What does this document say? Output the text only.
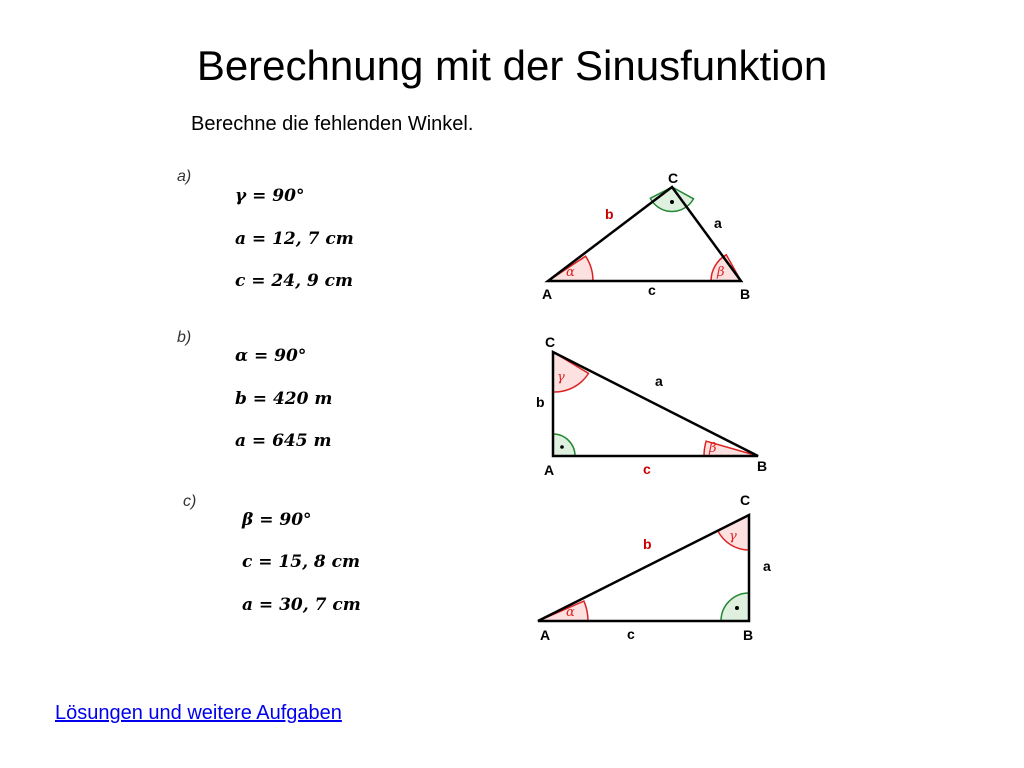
Berechnung mit der Sinusfunktion
Berechne die fehlenden Winkel.
a)
γ = 90°
a = 12, 7 cm
c = 24, 9 cm
b)
α = 90°
b = 420 m
a = 645 m
c)
β = 90°
c = 15, 8 cm
a = 30, 7 cm
A	B
C
a
b
c
α	β
C
A	B
a
b
c
γ
β
C
A	B
a
b
c
α
γ
Lösungen und weitere Aufgaben
